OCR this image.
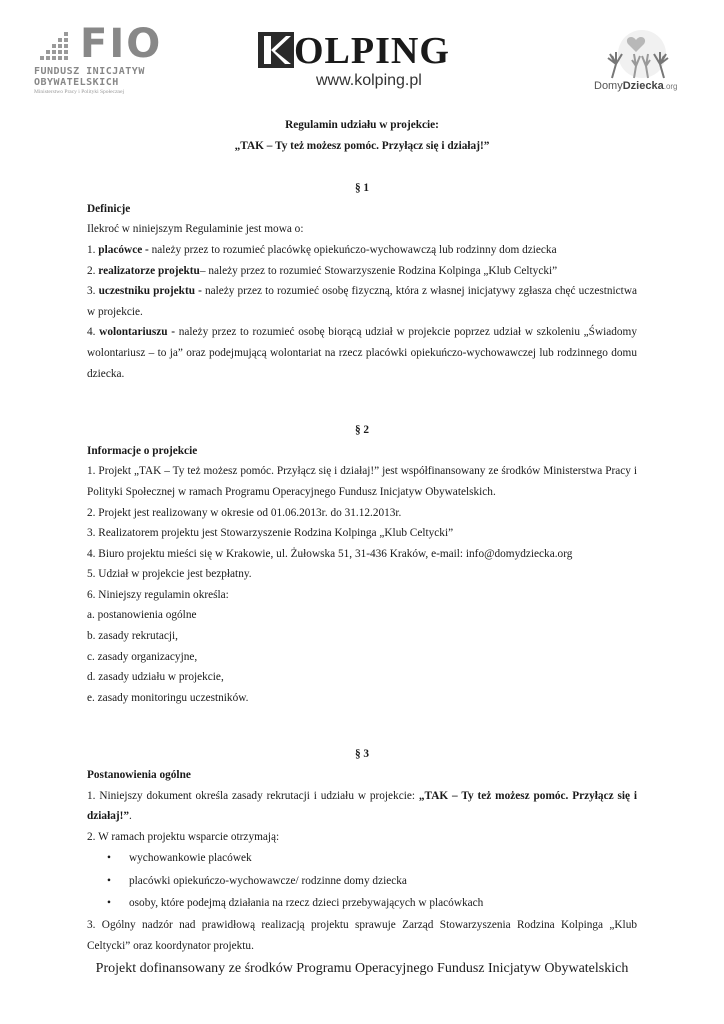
FIO
FUNDUSZ INICJATYW
OBYWATELSKICH
Ministerstwo Pracy i Polityki Społecznej
OLPING
www.kolping.pl	DomyDziecka.org

Regulamin udziału w projekcie:

„TAK – Ty też możesz pomóc. Przyłącz się i działaj!”

§ 1

Definicje

Ilekroć w niniejszym Regulaminie jest mowa o:

1. placówce - należy przez to rozumieć placówkę opiekuńczo-wychowawczą lub rodzinny dom dziecka

2. realizatorze projektu– należy przez to rozumieć Stowarzyszenie Rodzina Kolpinga „Klub Celtycki”

3. uczestniku projektu - należy przez to rozumieć osobę fizyczną, która z własnej inicjatywy zgłasza chęć uczestnictwa w projekcie.

4. wolontariuszu - należy przez to rozumieć osobę biorącą udział w projekcie poprzez udział w szkoleniu „Świadomy wolontariusz – to ja” oraz podejmującą wolontariat na rzecz placówki opiekuńczo-wychowawczej lub rodzinnego domu dziecka.

§ 2

Informacje o projekcie

1. Projekt „TAK – Ty też możesz pomóc. Przyłącz się i działaj!” jest współfinansowany ze środków Ministerstwa Pracy i Polityki Społecznej w ramach Programu Operacyjnego Fundusz Inicjatyw Obywatelskich.

2. Projekt jest realizowany w okresie od 01.06.2013r. do 31.12.2013r.

3. Realizatorem projektu jest Stowarzyszenie Rodzina Kolpinga „Klub Celtycki”

4. Biuro projektu mieści się w Krakowie, ul. Żułowska 51, 31-436 Kraków, e-mail: info@domydziecka.org

5. Udział w projekcie jest bezpłatny.

6. Niniejszy regulamin określa:

a. postanowienia ogólne

b. zasady rekrutacji,

c. zasady organizacyjne,

d. zasady udziału w projekcie,

e. zasady monitoringu uczestników.

§ 3

Postanowienia ogólne

1. Niniejszy dokument określa zasady rekrutacji i udziału w projekcie: „TAK – Ty też możesz pomóc. Przyłącz się i działaj!”.

2. W ramach projektu wsparcie otrzymają:

• wychowankowie placówek
• placówki opiekuńczo-wychowawcze/ rodzinne domy dziecka
• osoby, które podejmą działania na rzecz dzieci przebywających w placówkach

3. Ogólny nadzór nad prawidłową realizacją projektu sprawuje Zarząd Stowarzyszenia Rodzina Kolpinga „Klub Celtycki” oraz koordynator projektu.

Projekt dofinansowany ze środków Programu Operacyjnego Fundusz Inicjatyw Obywatelskich
